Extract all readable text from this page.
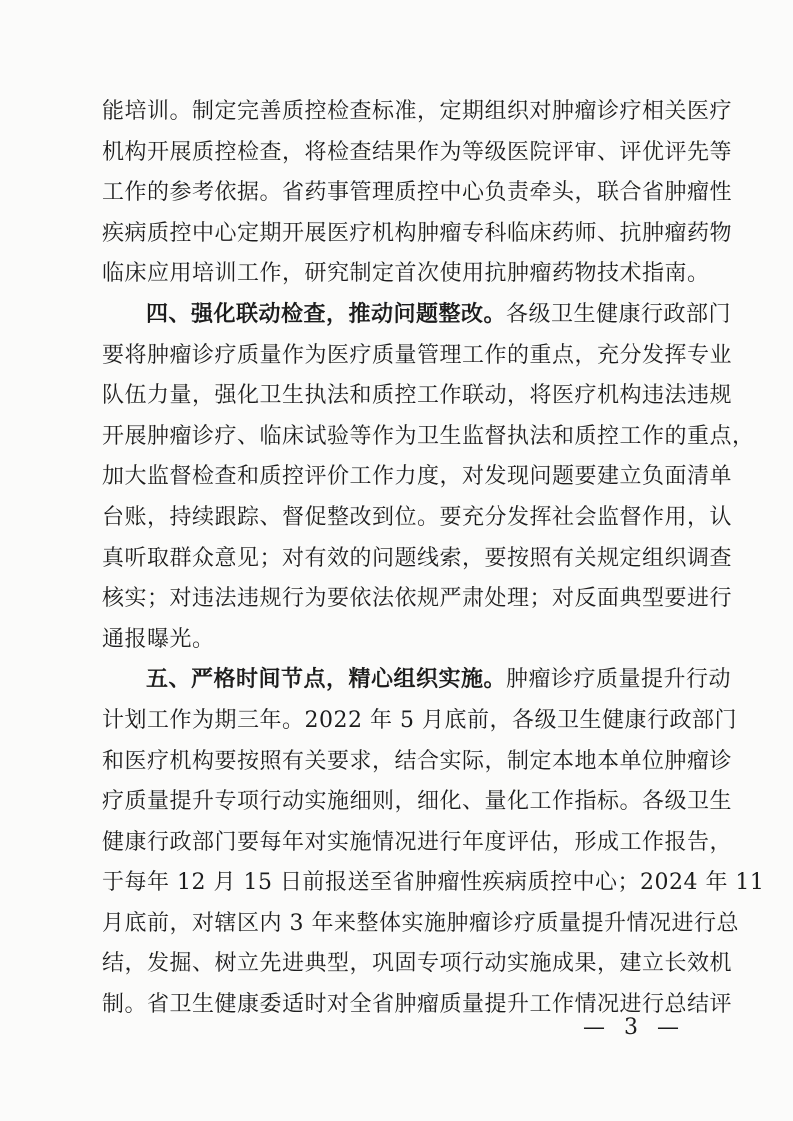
能培训。制定完善质控检查标准，定期组织对肿瘤诊疗相关医疗
机构开展质控检查，将检查结果作为等级医院评审、评优评先等
工作的参考依据。省药事管理质控中心负责牵头，联合省肿瘤性
疾病质控中心定期开展医疗机构肿瘤专科临床药师、抗肿瘤药物
临床应用培训工作，研究制定首次使用抗肿瘤药物技术指南。
四、强化联动检查，推动问题整改。各级卫生健康行政部门
要将肿瘤诊疗质量作为医疗质量管理工作的重点，充分发挥专业
队伍力量，强化卫生执法和质控工作联动，将医疗机构违法违规
开展肿瘤诊疗、临床试验等作为卫生监督执法和质控工作的重点，
加大监督检查和质控评价工作力度，对发现问题要建立负面清单
台账，持续跟踪、督促整改到位。要充分发挥社会监督作用，认
真听取群众意见；对有效的问题线索，要按照有关规定组织调查
核实；对违法违规行为要依法依规严肃处理；对反面典型要进行
通报曝光。
五、严格时间节点，精心组织实施。肿瘤诊疗质量提升行动
计划工作为期三年。2022 年 5 月底前，各级卫生健康行政部门
和医疗机构要按照有关要求，结合实际，制定本地本单位肿瘤诊
疗质量提升专项行动实施细则，细化、量化工作指标。各级卫生
健康行政部门要每年对实施情况进行年度评估，形成工作报告，
于每年 12 月 15 日前报送至省肿瘤性疾病质控中心；2024 年 11
月底前，对辖区内 3 年来整体实施肿瘤诊疗质量提升情况进行总
结，发掘、树立先进典型，巩固专项行动实施成果，建立长效机
制。省卫生健康委适时对全省肿瘤质量提升工作情况进行总结评
— 3 —
